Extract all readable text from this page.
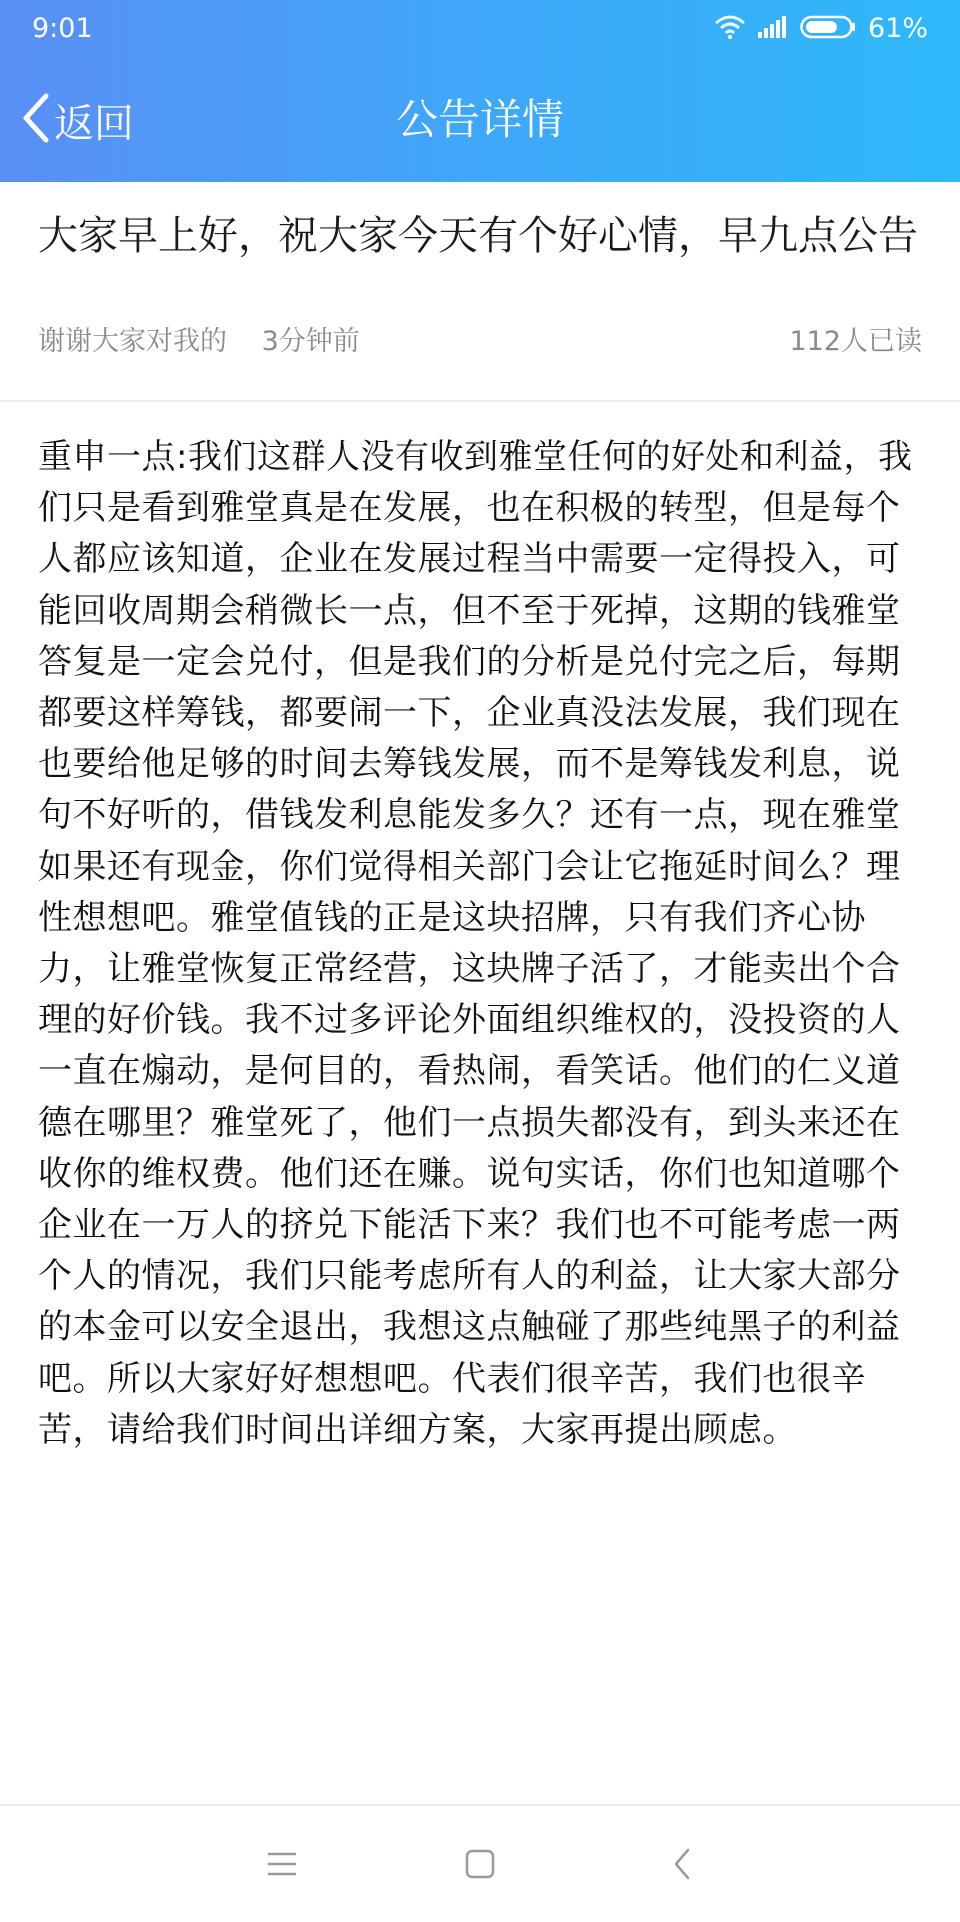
9:01	61%
返回	公告详情
大家早上好，祝大家今天有个好心情，早九点公告
谢谢大家对我的 3分钟前	112人已读
重申一点:我们这群人没有收到雅堂任何的好处和利益，我们只是看到雅堂真是在发展，也在积极的转型，但是每个人都应该知道，企业在发展过程当中需要一定得投入，可能回收周期会稍微长一点，但不至于死掉，这期的钱雅堂答复是一定会兑付，但是我们的分析是兑付完之后，每期都要这样筹钱，都要闹一下，企业真没法发展，我们现在也要给他足够的时间去筹钱发展，而不是筹钱发利息，说句不好听的，借钱发利息能发多久？还有一点，现在雅堂如果还有现金，你们觉得相关部门会让它拖延时间么？理性想想吧。雅堂值钱的正是这块招牌，只有我们齐心协力，让雅堂恢复正常经营，这块牌子活了，才能卖出个合理的好价钱。我不过多评论外面组织维权的，没投资的人一直在煽动，是何目的，看热闹，看笑话。他们的仁义道德在哪里？雅堂死了，他们一点损失都没有，到头来还在收你的维权费。他们还在赚。说句实话，你们也知道哪个企业在一万人的挤兑下能活下来？我们也不可能考虑一两个人的情况，我们只能考虑所有人的利益，让大家大部分的本金可以安全退出，我想这点触碰了那些纯黑子的利益吧。所以大家好好想想吧。代表们很辛苦，我们也很辛苦，请给我们时间出详细方案，大家再提出顾虑。
